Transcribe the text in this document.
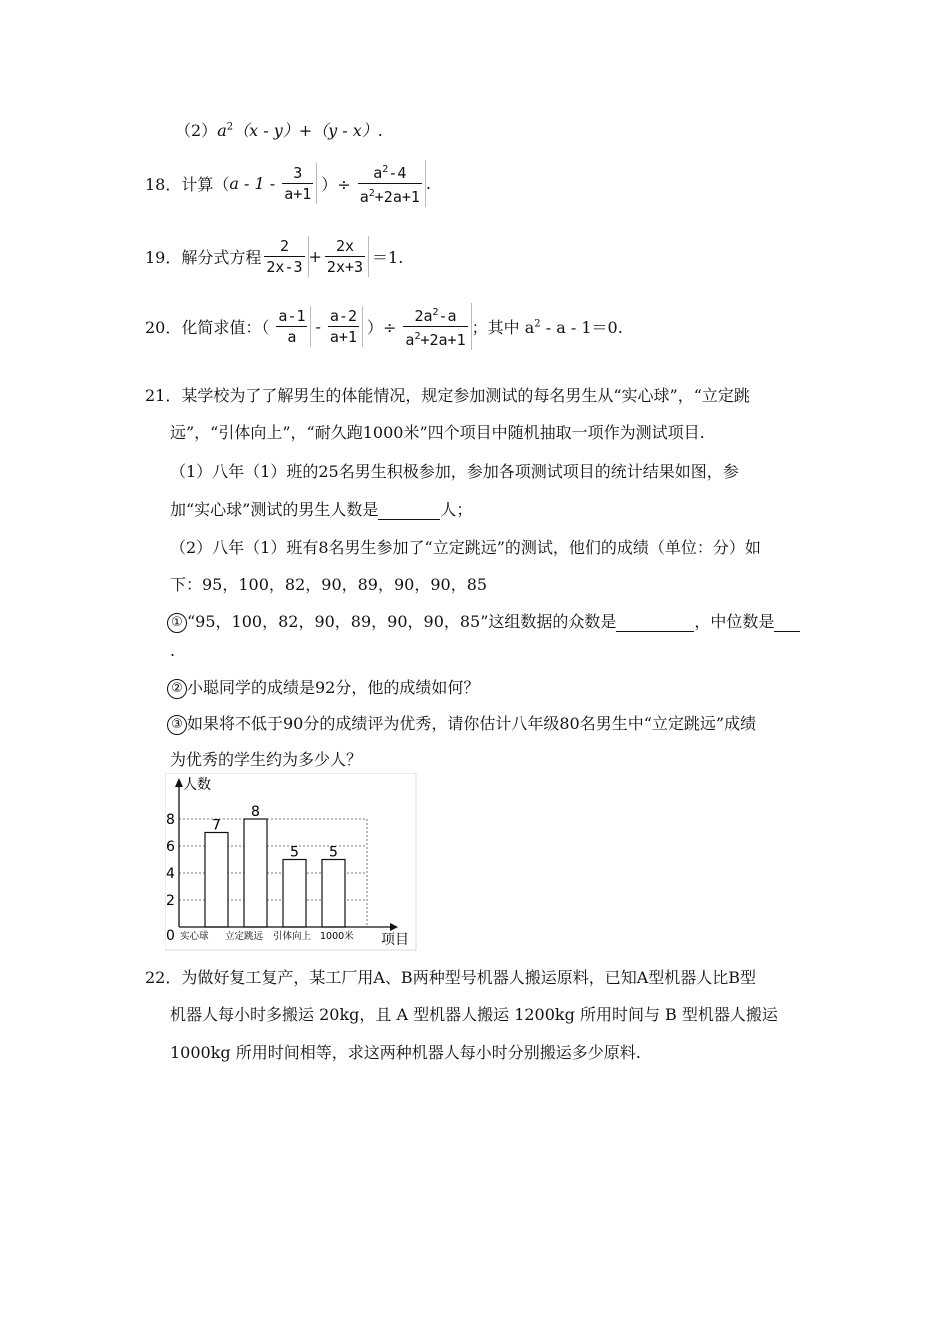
$(2)a^2(x - y)+(y - x)$.
18． 计算（ a - $1 - \frac{3}{a+1}$ ）÷ $\frac{a^2-4}{a^2+2a+1}$ .
19． 解分式方程 $\frac{2}{2x-3} + \frac{2x}{2x+3} =1$.
20． 化简求值：（ $\frac{a-1}{a} - \frac{a-2}{a+1}$ ）÷ $\frac{2a^2-a}{a^2+2a+1}$ ；其中 $a^2 - a - 1=0$.
21．某学校为了了解男生的体能情况，规定参加测试的每名男生从“实心球”，“立定跳
远”，“引体向上”，“耐久跑1000米”四个项目中随机抽取一项作为测试项目.
（1）八年（1）班的25名男生积极参加，参加各项测试项目的统计结果如图，参
加“实心球”测试的男生人数是	人；
（2）八年（1）班有8名男生参加了“立定跳远”的测试，他们的成绩（单位：分）如
下：95，100，82，90，89，90，90，85
① “95，100，82，90，89，90，90，85”这组数据的众数是	，中位数是
.
② 小聪同学的成绩是92分，他的成绩如何？
③ 如果将不低于90分的成绩评为优秀，请你估计八年级80名男生中“立定跳远”成绩
为优秀的学生约为多少人？
0
2
4
6
8	7
8
5 5
实心球 立定跳远 引体向上 1000米
人数
项目
22．为做好复工复产，某工厂用A、B两种型号机器人搬运原料，已知A型机器人比B型
机器人每小时多搬运 20kg，且 A 型机器人搬运 1200kg 所用时间与 B 型机器人搬运
1000kg 所用时间相等，求这两种机器人每小时分别搬运多少原料.
